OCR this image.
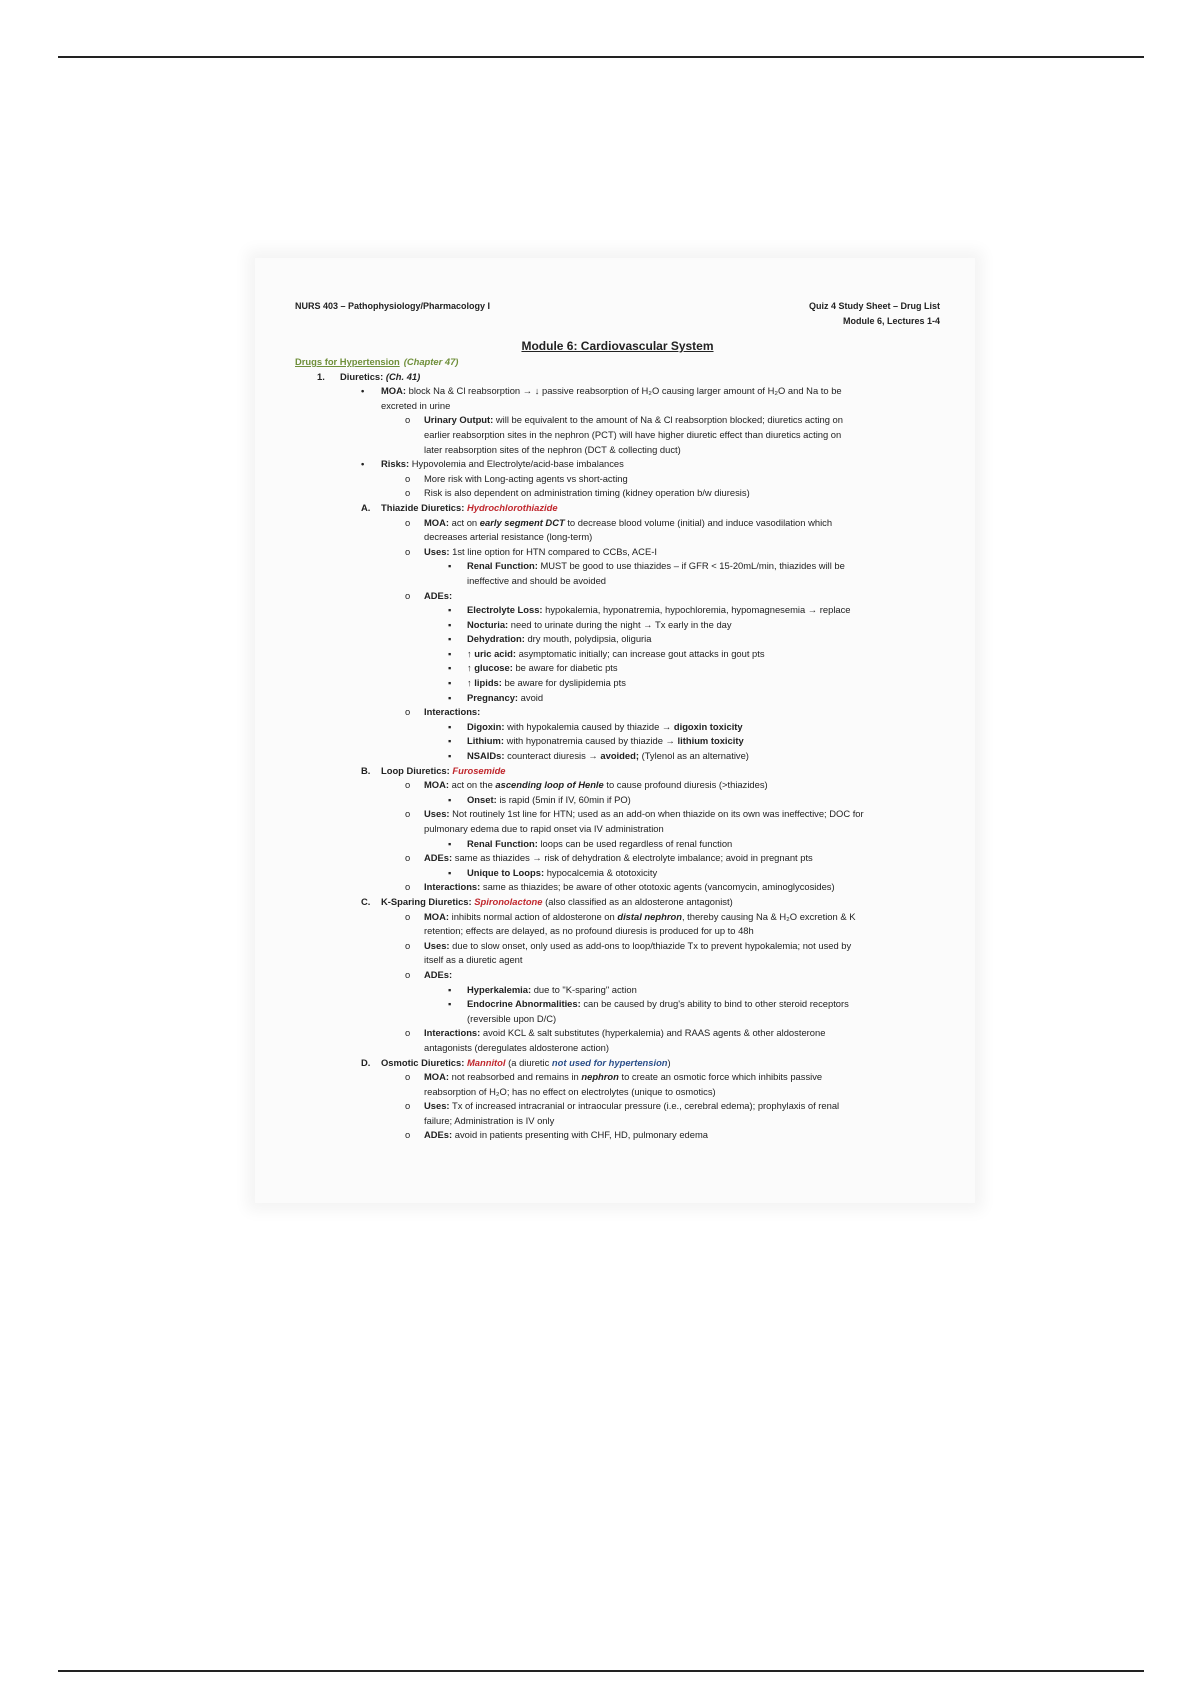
NURS 403 – Pathophysiology/Pharmacology I	Quiz 4 Study Sheet – Drug List
Module 6, Lectures 1-4
Module 6: Cardiovascular System
Drugs for Hypertension (Chapter 47)
1. Diuretics: (Ch. 41)
• MOA: block Na & Cl reabsorption → ↓ passive reabsorption of H₂O causing larger amount of H₂O and Na to be
excreted in urine
o Urinary Output: will be equivalent to the amount of Na & Cl reabsorption blocked; diuretics acting on
earlier reabsorption sites in the nephron (PCT) will have higher diuretic effect than diuretics acting on
later reabsorption sites of the nephron (DCT & collecting duct)
• Risks: Hypovolemia and Electrolyte/acid-base imbalances
o More risk with Long-acting agents vs short-acting
o Risk is also dependent on administration timing (kidney operation b/w diuresis)
A. Thiazide Diuretics: Hydrochlorothiazide
o MOA: act on early segment DCT to decrease blood volume (initial) and induce vasodilation which
decreases arterial resistance (long-term)
o Uses: 1st line option for HTN compared to CCBs, ACE-I
▪ Renal Function: MUST be good to use thiazides – if GFR < 15-20mL/min, thiazides will be
ineffective and should be avoided
o ADEs:
▪ Electrolyte Loss: hypokalemia, hyponatremia, hypochloremia, hypomagnesemia → replace
▪ Nocturia: need to urinate during the night → Tx early in the day
▪ Dehydration: dry mouth, polydipsia, oliguria
▪ ↑ uric acid: asymptomatic initially; can increase gout attacks in gout pts
▪ ↑ glucose: be aware for diabetic pts
▪ ↑ lipids: be aware for dyslipidemia pts
▪ Pregnancy: avoid
o Interactions:
▪ Digoxin: with hypokalemia caused by thiazide → digoxin toxicity
▪ Lithium: with hyponatremia caused by thiazide → lithium toxicity
▪ NSAIDs: counteract diuresis → avoided; (Tylenol as an alternative)
B. Loop Diuretics: Furosemide
o MOA: act on the ascending loop of Henle to cause profound diuresis (>thiazides)
▪ Onset: is rapid (5min if IV, 60min if PO)
o Uses: Not routinely 1st line for HTN; used as an add-on when thiazide on its own was ineffective; DOC for
pulmonary edema due to rapid onset via IV administration
▪ Renal Function: loops can be used regardless of renal function
o ADEs: same as thiazides → risk of dehydration & electrolyte imbalance; avoid in pregnant pts
▪ Unique to Loops: hypocalcemia & ototoxicity
o Interactions: same as thiazides; be aware of other ototoxic agents (vancomycin, aminoglycosides)
C. K-Sparing Diuretics: Spironolactone (also classified as an aldosterone antagonist)
o MOA: inhibits normal action of aldosterone on distal nephron, thereby causing Na & H₂O excretion & K
retention; effects are delayed, as no profound diuresis is produced for up to 48h
o Uses: due to slow onset, only used as add-ons to loop/thiazide Tx to prevent hypokalemia; not used by
itself as a diuretic agent
o ADEs:
▪ Hyperkalemia: due to "K-sparing" action
▪ Endocrine Abnormalities: can be caused by drug's ability to bind to other steroid receptors
(reversible upon D/C)
o Interactions: avoid KCL & salt substitutes (hyperkalemia) and RAAS agents & other aldosterone
antagonists (deregulates aldosterone action)
D. Osmotic Diuretics: Mannitol (a diuretic not used for hypertension)
o MOA: not reabsorbed and remains in nephron to create an osmotic force which inhibits passive
reabsorption of H₂O; has no effect on electrolytes (unique to osmotics)
o Uses: Tx of increased intracranial or intraocular pressure (i.e., cerebral edema); prophylaxis of renal
failure; Administration is IV only
o ADEs: avoid in patients presenting with CHF, HD, pulmonary edema
